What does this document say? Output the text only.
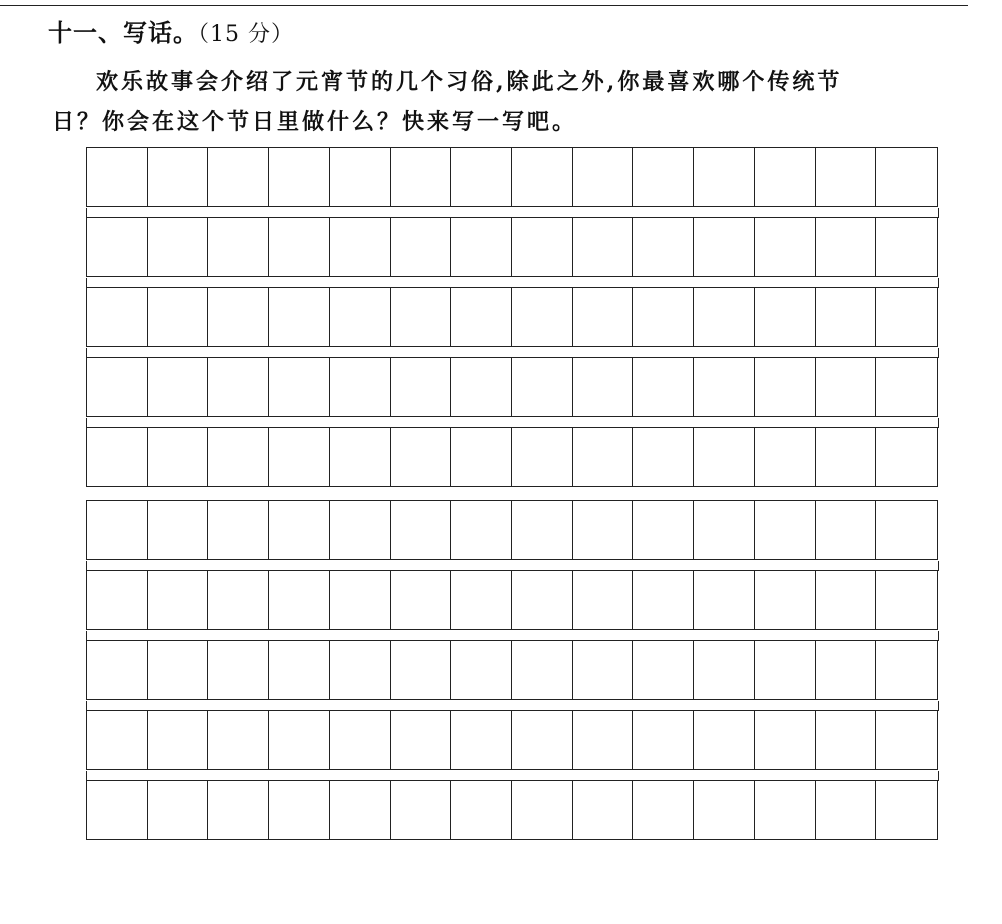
十一、写话。（15 分）
欢乐故事会介绍了元宵节的几个习俗,除此之外,你最喜欢哪个传统节
日？你会在这个节日里做什么？快来写一写吧。
